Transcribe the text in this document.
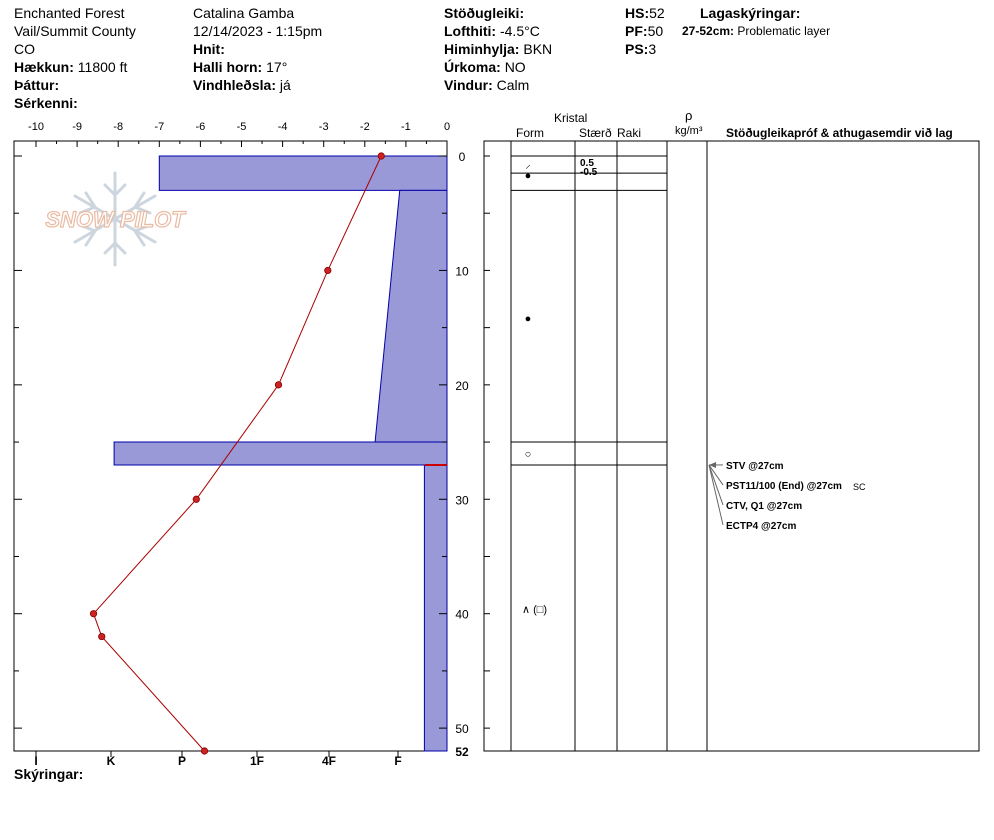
Enchanted Forest
Vail/Summit County
CO
Hækkun: 11800 ft
Þáttur:
Sérkenni:
Catalina Gamba
12/14/2023 - 1:15pm
Hnit:
Halli horn: 17°
Vindhleðsla: já
Stöðugleiki:
Lofthiti: -4.5°C
Himinhylja: BKN
Úrkoma: NO
Vindur: Calm
HS:52
PF:50
PS:3
Lagaskýringar:
27-52cm: Problematic layer
Skýringar:
SNOW PILOT
-10	-9	-8	-7	-6	-5	-4	-3	-2	-1	0
0
10
20
30
40
50
52
I	K	P	1F	4F	F
⸝	0.5
●	-0.5
●
○
∧ (□)
STV @27cm
PST11/100 (End) @27cm SC
CTV, Q1 @27cm
ECTP4 @27cm
Kristal
Form	Stærð Raki
ρ
kg/m³ Stöðugleikapróf & athugasemdir við lag
